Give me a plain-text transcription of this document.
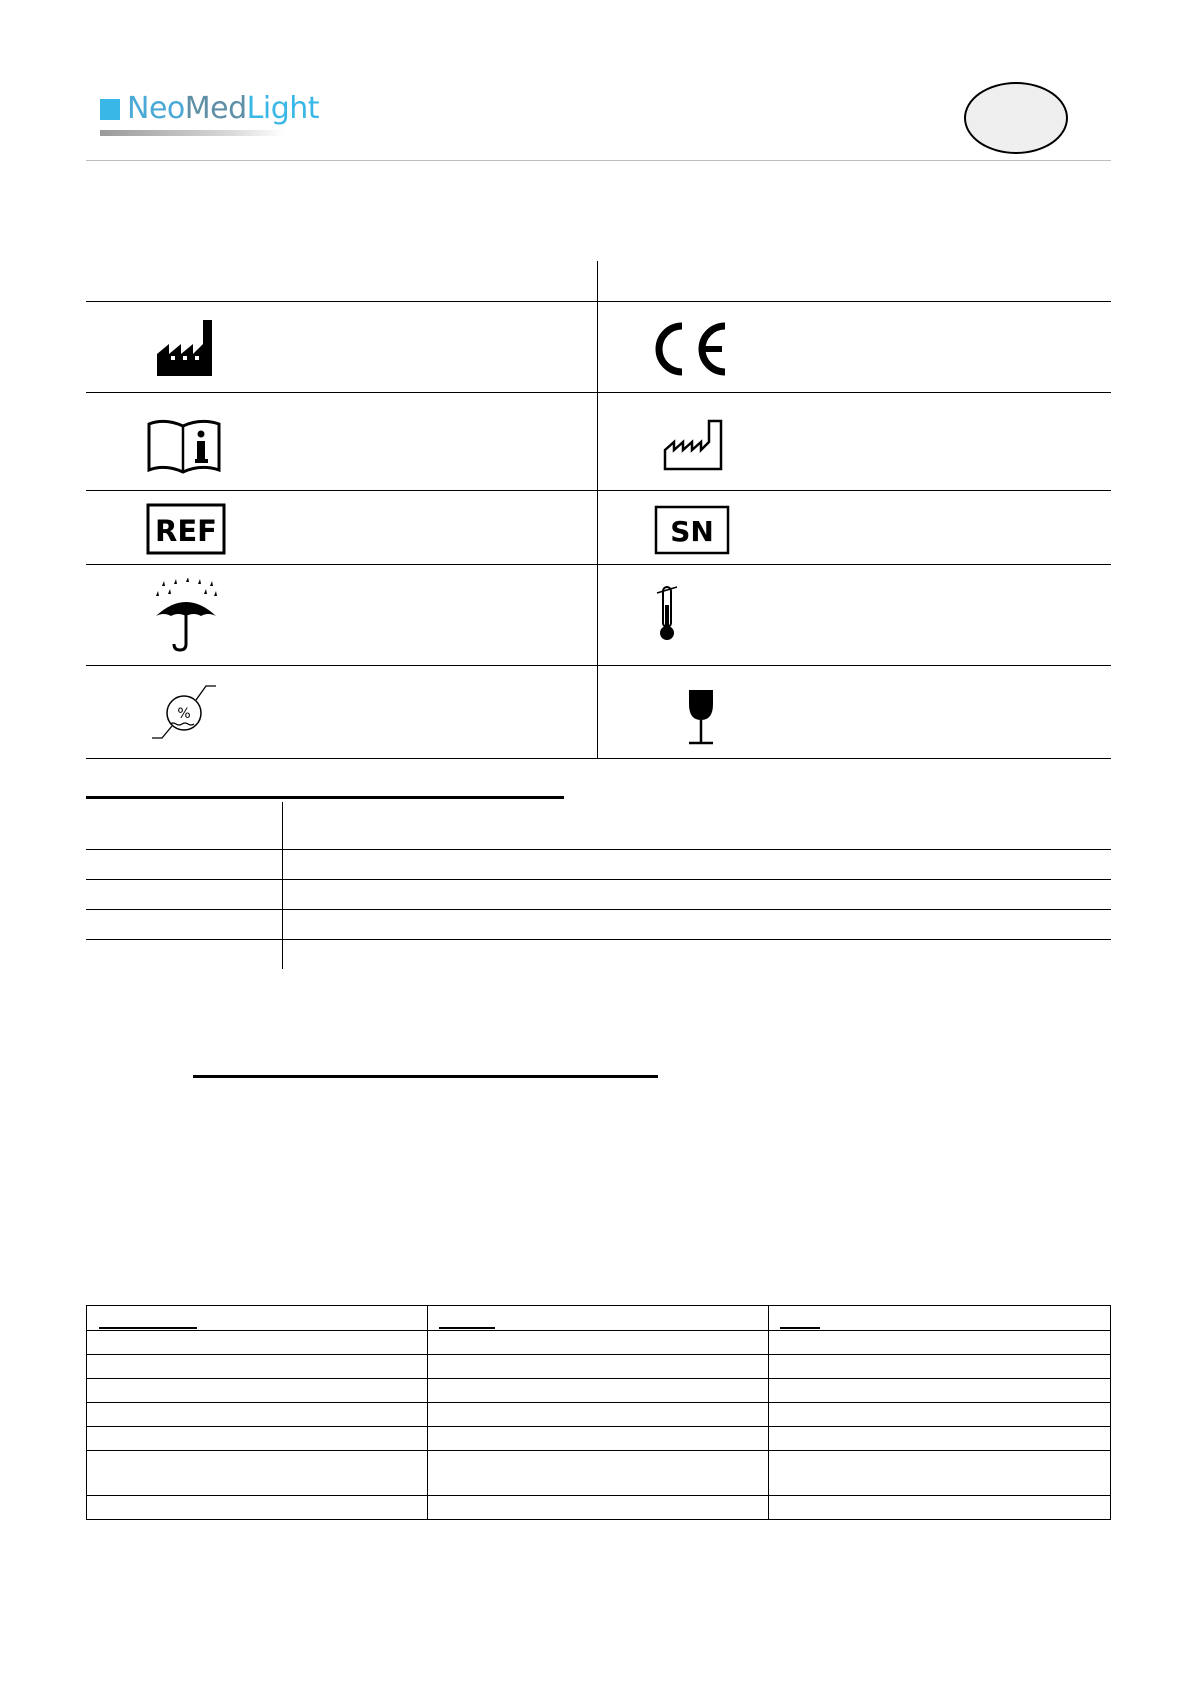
NeoMedLight
REF	SN
%
